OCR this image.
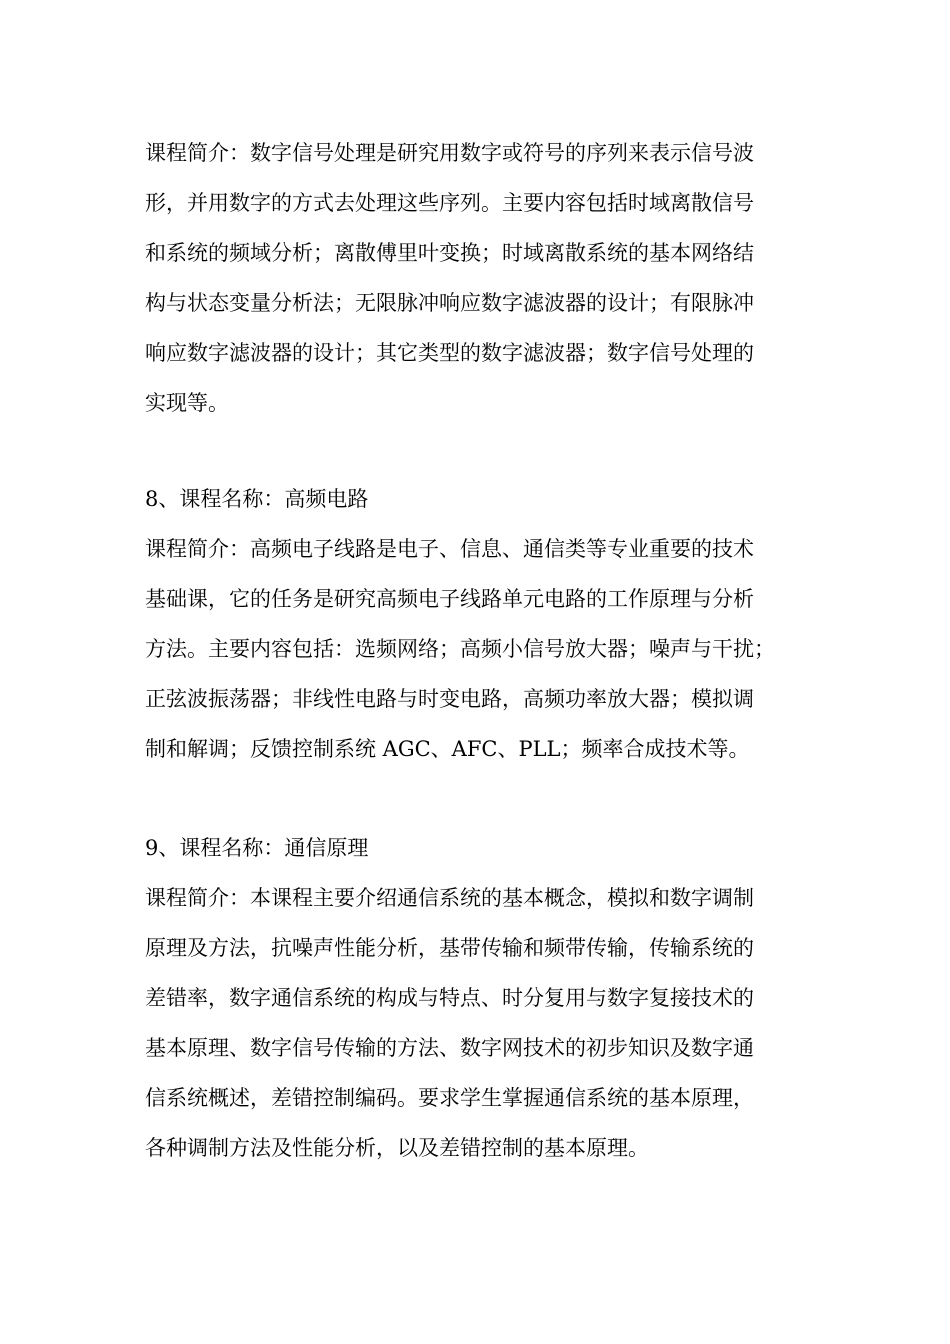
课程简介：数字信号处理是研究用数字或符号的序列来表示信号波
形，并用数字的方式去处理这些序列。主要内容包括时域离散信号
和系统的频域分析；离散傅里叶变换；时域离散系统的基本网络结
构与状态变量分析法；无限脉冲响应数字滤波器的设计；有限脉冲
响应数字滤波器的设计；其它类型的数字滤波器；数字信号处理的
实现等。
8、课程名称：高频电路
课程简介：高频电子线路是电子、信息、通信类等专业重要的技术
基础课，它的任务是研究高频电子线路单元电路的工作原理与分析
方法。主要内容包括：选频网络；高频小信号放大器；噪声与干扰；
正弦波振荡器；非线性电路与时变电路，高频功率放大器；模拟调
制和解调；反馈控制系统 AGC、AFC、PLL；频率合成技术等。
9、课程名称：通信原理
课程简介：本课程主要介绍通信系统的基本概念，模拟和数字调制
原理及方法，抗噪声性能分析，基带传输和频带传输，传输系统的
差错率，数字通信系统的构成与特点、时分复用与数字复接技术的
基本原理、数字信号传输的方法、数字网技术的初步知识及数字通
信系统概述，差错控制编码。要求学生掌握通信系统的基本原理，
各种调制方法及性能分析，以及差错控制的基本原理。
